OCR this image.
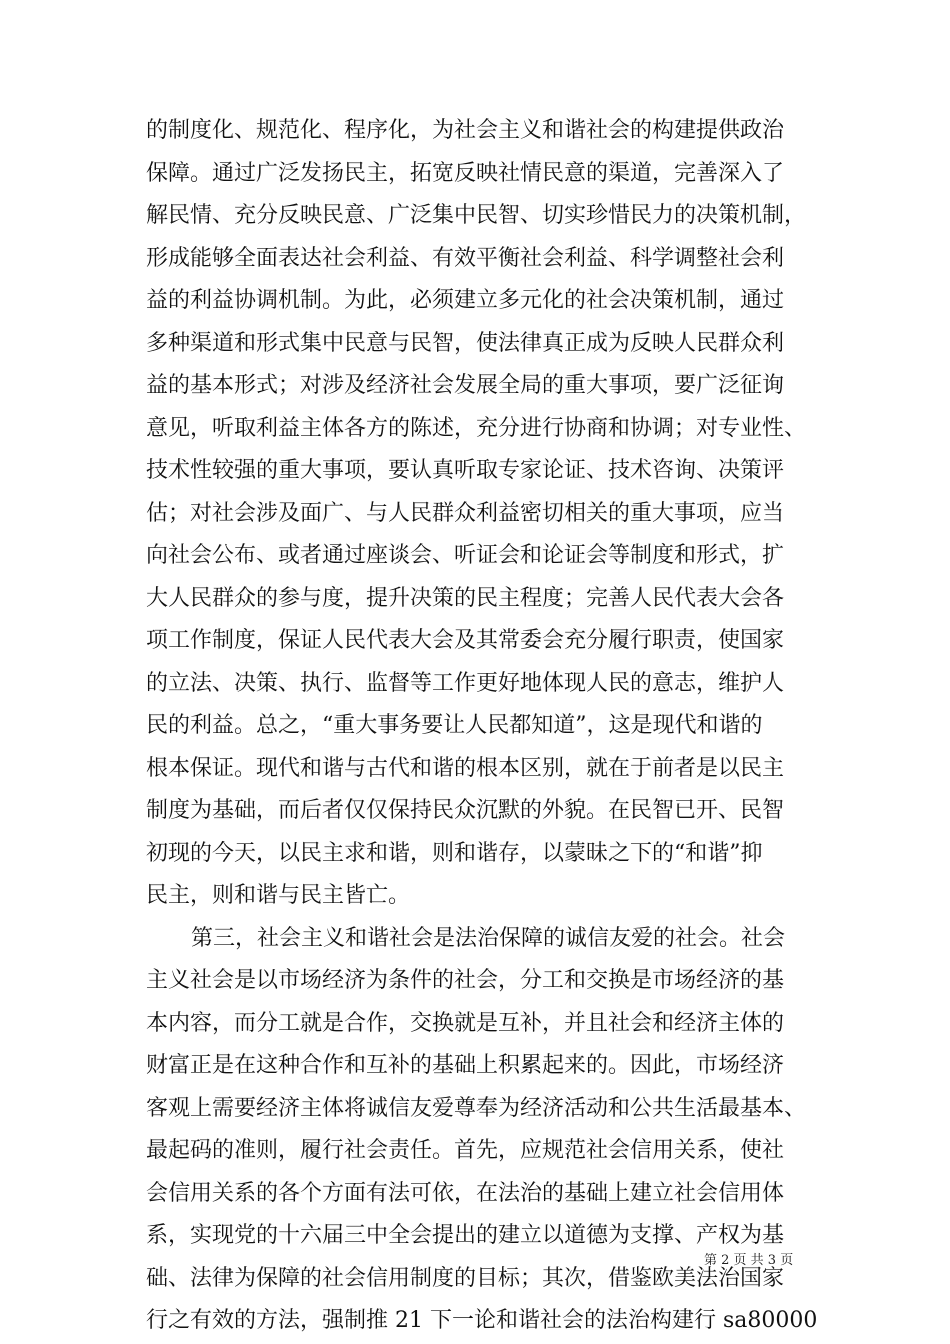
的制度化、规范化、程序化，为社会主义和谐社会的构建提供政治
保障。通过广泛发扬民主，拓宽反映社情民意的渠道，完善深入了
解民情、充分反映民意、广泛集中民智、切实珍惜民力的决策机制，
形成能够全面表达社会利益、有效平衡社会利益、科学调整社会利
益的利益协调机制。为此，必须建立多元化的社会决策机制，通过
多种渠道和形式集中民意与民智，使法律真正成为反映人民群众利
益的基本形式；对涉及经济社会发展全局的重大事项，要广泛征询
意见，听取利益主体各方的陈述，充分进行协商和协调；对专业性、
技术性较强的重大事项，要认真听取专家论证、技术咨询、决策评
估；对社会涉及面广、与人民群众利益密切相关的重大事项，应当
向社会公布、或者通过座谈会、听证会和论证会等制度和形式，扩
大人民群众的参与度，提升决策的民主程度；完善人民代表大会各
项工作制度，保证人民代表大会及其常委会充分履行职责，使国家
的立法、决策、执行、监督等工作更好地体现人民的意志，维护人
民的利益。总之，“重大事务要让人民都知道”，这是现代和谐的
根本保证。现代和谐与古代和谐的根本区别，就在于前者是以民主
制度为基础，而后者仅仅保持民众沉默的外貌。在民智已开、民智
初现的今天，以民主求和谐，则和谐存，以蒙昧之下的“和谐”抑
民主，则和谐与民主皆亡。
第三，社会主义和谐社会是法治保障的诚信友爱的社会。社会
主义社会是以市场经济为条件的社会，分工和交换是市场经济的基
本内容，而分工就是合作，交换就是互补，并且社会和经济主体的
财富正是在这种合作和互补的基础上积累起来的。因此，市场经济
客观上需要经济主体将诚信友爱尊奉为经济活动和公共生活最基本、
最起码的准则，履行社会责任。首先，应规范社会信用关系，使社
会信用关系的各个方面有法可依，在法治的基础上建立社会信用体
系，实现党的十六届三中全会提出的建立以道德为支撑、产权为基
础、法律为保障的社会信用制度的目标；其次，借鉴欧美法治国家
行之有效的方法，强制推 21 下一论和谐社会的法治构建行 sa80000
第 2 页 共 3 页
